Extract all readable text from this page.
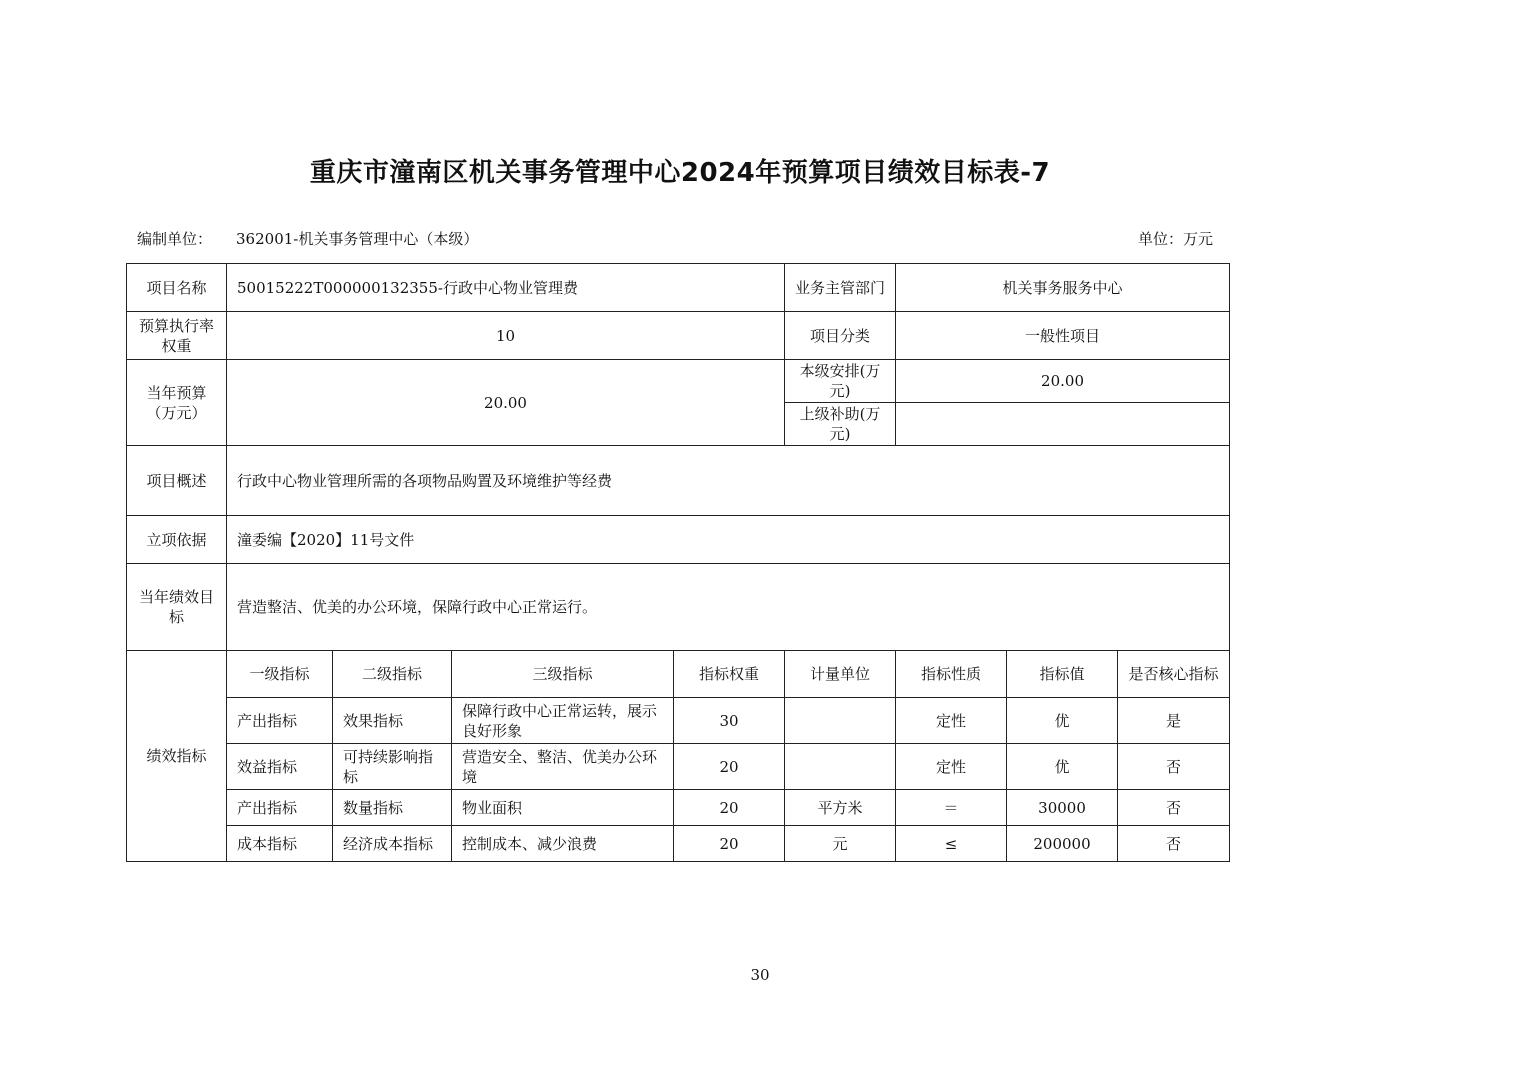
重庆市潼南区机关事务管理中心2024年预算项目绩效目标表-7
编制单位： 362001-机关事务管理中心（本级）	单位：万元
项目名称	50015222T000000132355-行政中心物业管理费				业务主管部门	机关事务服务中心		
预算执行率权重	10				项目分类	一般性项目		
当年预算（万元）	20.00				本级安排(万元)	20.00		
					上级补助(万元)			
项目概述	行政中心物业管理所需的各项物品购置及环境维护等经费							
立项依据	潼委编【2020】11号文件							
当年绩效目标	营造整洁、优美的办公环境，保障行政中心正常运行。							
绩效指标	一级指标	二级指标	三级指标	指标权重	计量单位	指标性质	指标值	是否核心指标
	产出指标	效果指标	保障行政中心正常运转，展示良好形象	30		定性	优	是
	效益指标	可持续影响指标	营造安全、整洁、优美办公环境	20		定性	优	否
	产出指标	数量指标	物业面积	20	平方米	＝	30000	否
	成本指标	经济成本指标	控制成本、减少浪费	20	元	≤	200000	否
30
